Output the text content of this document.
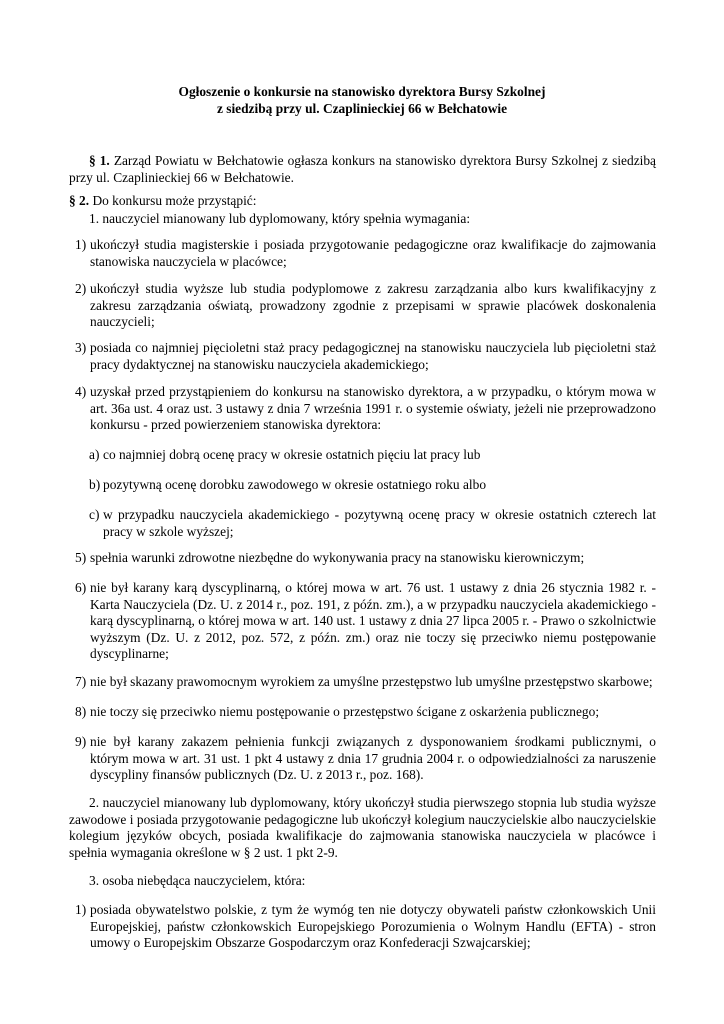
Ogłoszenie o konkursie na stanowisko dyrektora Bursy Szkolnej
z siedzibą przy ul. Czaplinieckiej 66 w Bełchatowie
§ 1. Zarząd Powiatu w Bełchatowie ogłasza konkurs na stanowisko dyrektora Bursy Szkolnej z siedzibą przy ul. Czaplinieckiej 66 w Bełchatowie.
§ 2. Do konkursu może przystąpić:
1. nauczyciel mianowany lub dyplomowany, który spełnia wymagania:
1) ukończył studia magisterskie i posiada przygotowanie pedagogiczne oraz kwalifikacje do zajmowania stanowiska nauczyciela w placówce;
2) ukończył studia wyższe lub studia podyplomowe z zakresu zarządzania albo kurs kwalifikacyjny z zakresu zarządzania oświatą, prowadzony zgodnie z przepisami w sprawie placówek doskonalenia nauczycieli;
3) posiada co najmniej pięcioletni staż pracy pedagogicznej na stanowisku nauczyciela lub pięcioletni staż pracy dydaktycznej na stanowisku nauczyciela akademickiego;
4) uzyskał przed przystąpieniem do konkursu na stanowisko dyrektora, a w przypadku, o którym mowa w art. 36a ust. 4 oraz ust. 3 ustawy z dnia 7 września 1991 r. o systemie oświaty, jeżeli nie przeprowadzono konkursu - przed powierzeniem stanowiska dyrektora:
a) co najmniej dobrą ocenę pracy w okresie ostatnich pięciu lat pracy lub
b) pozytywną ocenę dorobku zawodowego w okresie ostatniego roku albo
c) w przypadku nauczyciela akademickiego - pozytywną ocenę pracy w okresie ostatnich czterech lat pracy w szkole wyższej;
5) spełnia warunki zdrowotne niezbędne do wykonywania pracy na stanowisku kierowniczym;
6) nie był karany karą dyscyplinarną, o której mowa w art. 76 ust. 1 ustawy z dnia 26 stycznia 1982 r. - Karta Nauczyciela (Dz. U. z 2014 r., poz. 191, z późn. zm.), a w przypadku nauczyciela akademickiego - karą dyscyplinarną, o której mowa w art. 140 ust. 1 ustawy z dnia 27 lipca 2005 r. - Prawo o szkolnictwie wyższym (Dz. U. z 2012, poz. 572, z późn. zm.) oraz nie toczy się przeciwko niemu postępowanie dyscyplinarne;
7) nie był skazany prawomocnym wyrokiem za umyślne przestępstwo lub umyślne przestępstwo skarbowe;
8) nie toczy się przeciwko niemu postępowanie o przestępstwo ścigane z oskarżenia publicznego;
9) nie był karany zakazem pełnienia funkcji związanych z dysponowaniem środkami publicznymi, o którym mowa w art. 31 ust. 1 pkt 4 ustawy z dnia 17 grudnia 2004 r. o odpowiedzialności za naruszenie dyscypliny finansów publicznych (Dz. U. z 2013 r., poz. 168).
2. nauczyciel mianowany lub dyplomowany, który ukończył studia pierwszego stopnia lub studia wyższe zawodowe i posiada przygotowanie pedagogiczne lub ukończył kolegium nauczycielskie albo nauczycielskie kolegium języków obcych, posiada kwalifikacje do zajmowania stanowiska nauczyciela w placówce i spełnia wymagania określone w § 2 ust. 1 pkt 2-9.
3. osoba niebędąca nauczycielem, która:
1) posiada obywatelstwo polskie, z tym że wymóg ten nie dotyczy obywateli państw członkowskich Unii Europejskiej, państw członkowskich Europejskiego Porozumienia o Wolnym Handlu (EFTA) - stron umowy o Europejskim Obszarze Gospodarczym oraz Konfederacji Szwajcarskiej;
